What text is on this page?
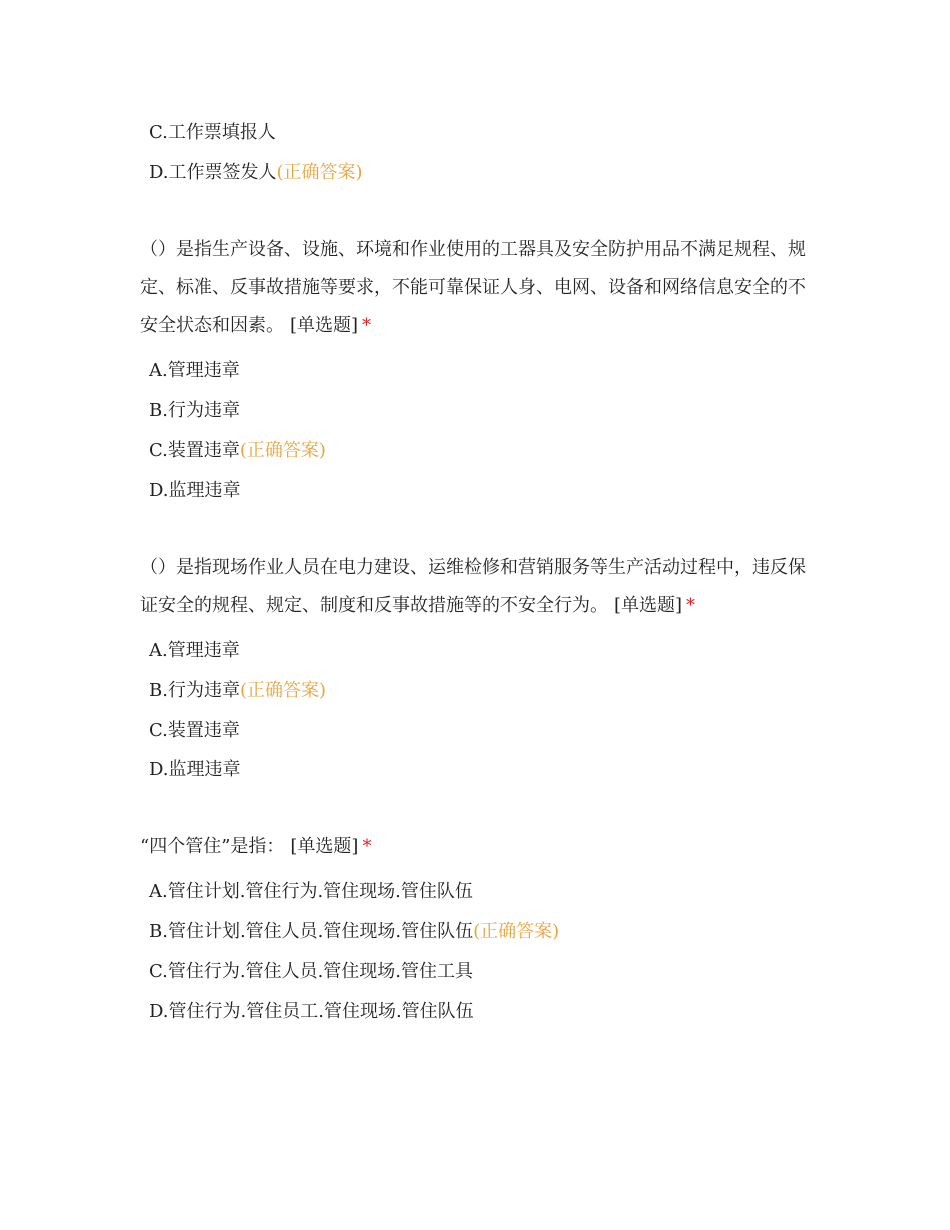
C.工作票填报人
D.工作票签发人(正确答案)
（）是指生产设备、设施、环境和作业使用的工器具及安全防护用品不满足规程、规定、标准、反事故措施等要求，不能可靠保证人身、电网、设备和网络信息安全的不安全状态和因素。 [单选题] *
A.管理违章
B.行为违章
C.装置违章(正确答案)
D.监理违章
（）是指现场作业人员在电力建设、运维检修和营销服务等生产活动过程中，违反保证安全的规程、规定、制度和反事故措施等的不安全行为。 [单选题] *
A.管理违章
B.行为违章(正确答案)
C.装置违章
D.监理违章
“四个管住”是指： [单选题] *
A.管住计划.管住行为.管住现场.管住队伍
B.管住计划.管住人员.管住现场.管住队伍(正确答案)
C.管住行为.管住人员.管住现场.管住工具
D.管住行为.管住员工.管住现场.管住队伍
